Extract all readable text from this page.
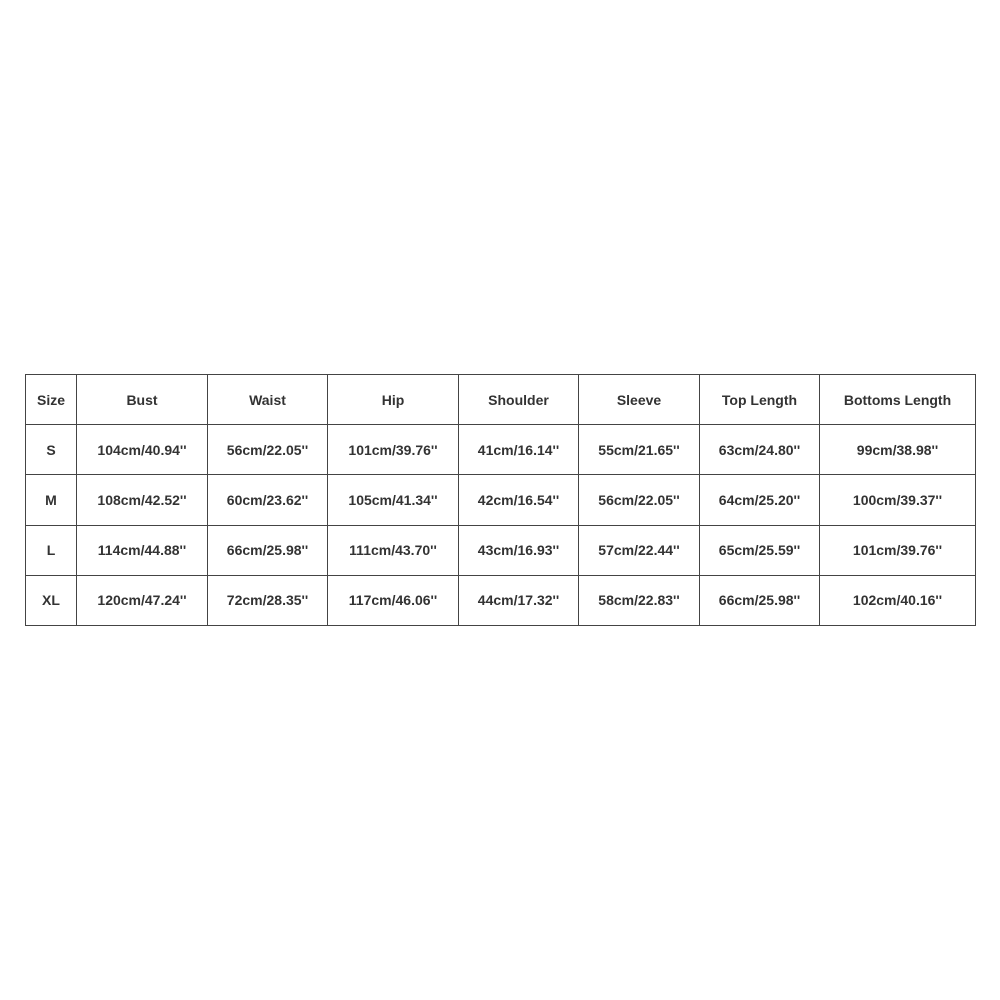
Size	Bust	Waist	Hip	Shoulder	Sleeve	Top Length	Bottoms Length
S	104cm/40.94''	56cm/22.05''	101cm/39.76''	41cm/16.14''	55cm/21.65''	63cm/24.80''	99cm/38.98''
M	108cm/42.52''	60cm/23.62''	105cm/41.34''	42cm/16.54''	56cm/22.05''	64cm/25.20''	100cm/39.37''
L	114cm/44.88''	66cm/25.98''	111cm/43.70''	43cm/16.93''	57cm/22.44''	65cm/25.59''	101cm/39.76''
XL	120cm/47.24''	72cm/28.35''	117cm/46.06''	44cm/17.32''	58cm/22.83''	66cm/25.98''	102cm/40.16''
